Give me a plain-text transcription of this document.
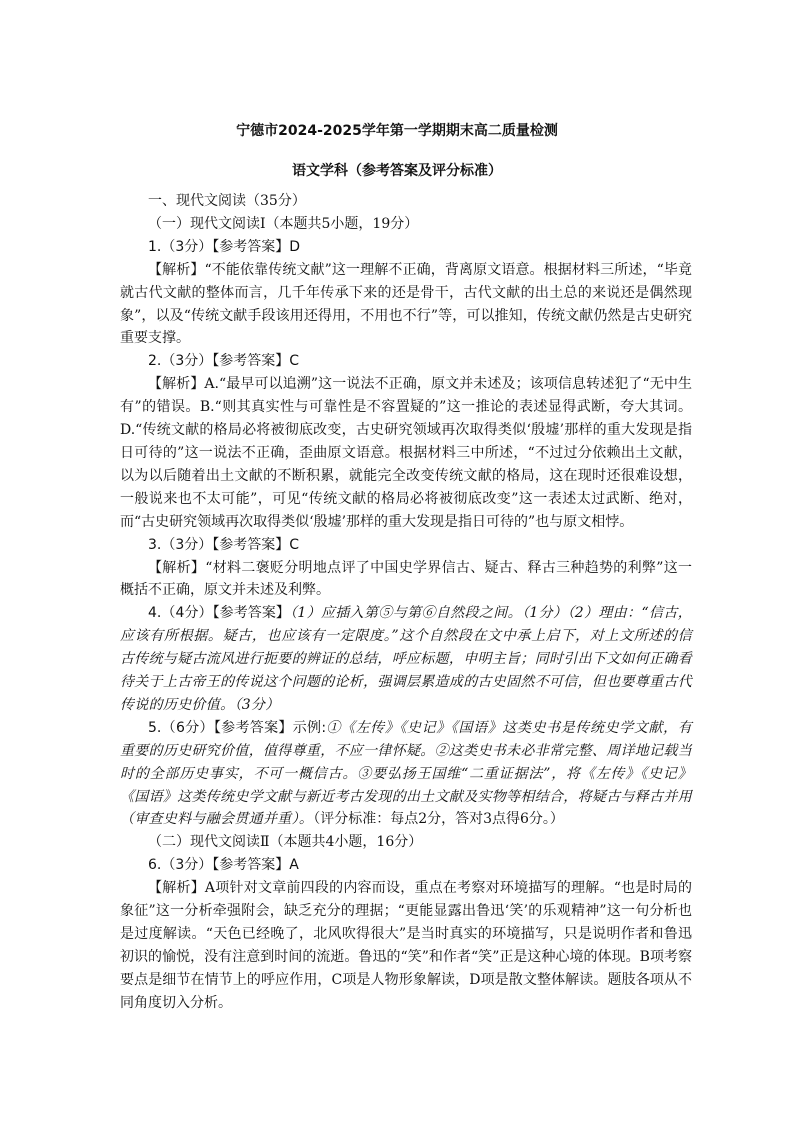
宁德市2024-2025学年第一学期期末高二质量检测
语文学科（参考答案及评分标准）

一、现代文阅读（35分）

（一）现代文阅读Ⅰ（本题共5小题，19分）

1.（3分）【参考答案】D

【解析】“不能依靠传统文献”这一理解不正确，背离原文语意。根据材料三所述，“毕竟就古代文献的整体而言，几千年传承下来的还是骨干，古代文献的出土总的来说还是偶然现象”，以及“传统文献手段该用还得用，不用也不行”等，可以推知，传统文献仍然是古史研究重要支撑。

2.（3分）【参考答案】C

【解析】A.“最早可以追溯”这一说法不正确，原文并未述及；该项信息转述犯了“无中生有”的错误。B.“则其真实性与可靠性是不容置疑的”这一推论的表述显得武断，夸大其词。D.“传统文献的格局必将被彻底改变，古史研究领域再次取得类似‘殷墟’那样的重大发现是指日可待的”这一说法不正确，歪曲原文语意。根据材料三中所述，“不过过分依赖出土文献，以为以后随着出土文献的不断积累，就能完全改变传统文献的格局，这在现时还很难设想，一般说来也不太可能”，可见“传统文献的格局必将被彻底改变”这一表述太过武断、绝对，而“古史研究领域再次取得类似‘殷墟’那样的重大发现是指日可待的”也与原文相悖。

3.（3分）【参考答案】C

【解析】“材料二褒贬分明地点评了中国史学界信古、疑古、释古三种趋势的利弊”这一概括不正确，原文并未述及利弊。

4.（4分）【参考答案】（1）应插入第⑤与第⑥自然段之间。（1分）（2）理由：“信古，应该有所根据。疑古，也应该有一定限度。”这个自然段在文中承上启下，对上文所述的信古传统与疑古流风进行扼要的辨证的总结，呼应标题，申明主旨；同时引出下文如何正确看待关于上古帝王的传说这个问题的论析，强调层累造成的古史固然不可信，但也要尊重古代传说的历史价值。（3分）

5.（6分）【参考答案】示例:①《左传》《史记》《国语》这类史书是传统史学文献，有重要的历史研究价值，值得尊重，不应一律怀疑。②这类史书未必非常完整、周详地记载当时的全部历史事实，不可一概信古。③要弘扬王国维“二重证据法”，将《左传》《史记》《国语》这类传统史学文献与新近考古发现的出土文献及实物等相结合，将疑古与释古并用（审查史料与融会贯通并重）。（评分标准：每点2分，答对3点得6分。）

（二）现代文阅读Ⅱ（本题共4小题，16分）

6.（3分）【参考答案】A

【解析】A项针对文章前四段的内容而设，重点在考察对环境描写的理解。“也是时局的象征”这一分析牵强附会，缺乏充分的理据；“更能显露出鲁迅‘笑’的乐观精神”这一句分析也是过度解读。“天色已经晚了，北风吹得很大”是当时真实的环境描写，只是说明作者和鲁迅初识的愉悦，没有注意到时间的流逝。鲁迅的“笑”和作者“笑”正是这种心境的体现。B项考察要点是细节在情节上的呼应作用，C项是人物形象解读，D项是散文整体解读。题肢各项从不同角度切入分析。
